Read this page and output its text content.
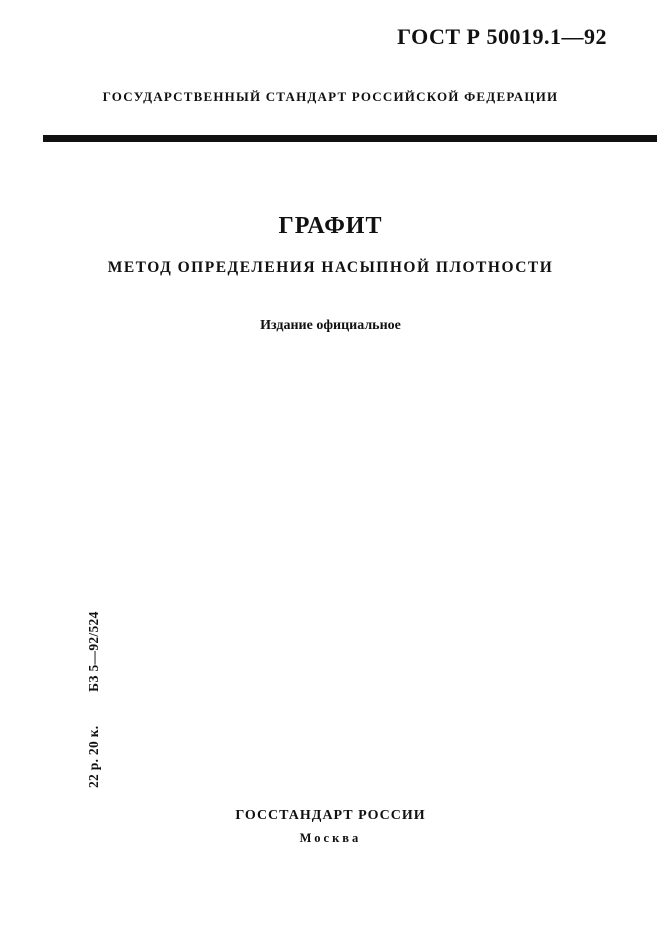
ГОСТ Р 50019.1—92
ГОСУДАРСТВЕННЫЙ СТАНДАРТ РОССИЙСКОЙ ФЕДЕРАЦИИ
ГРАФИТ
МЕТОД ОПРЕДЕЛЕНИЯ НАСЫПНОЙ ПЛОТНОСТИ
Издание официальное
22 р. 20 к. БЗ 5—92/524
ГОССТАНДАРТ РОССИИ
Москва
